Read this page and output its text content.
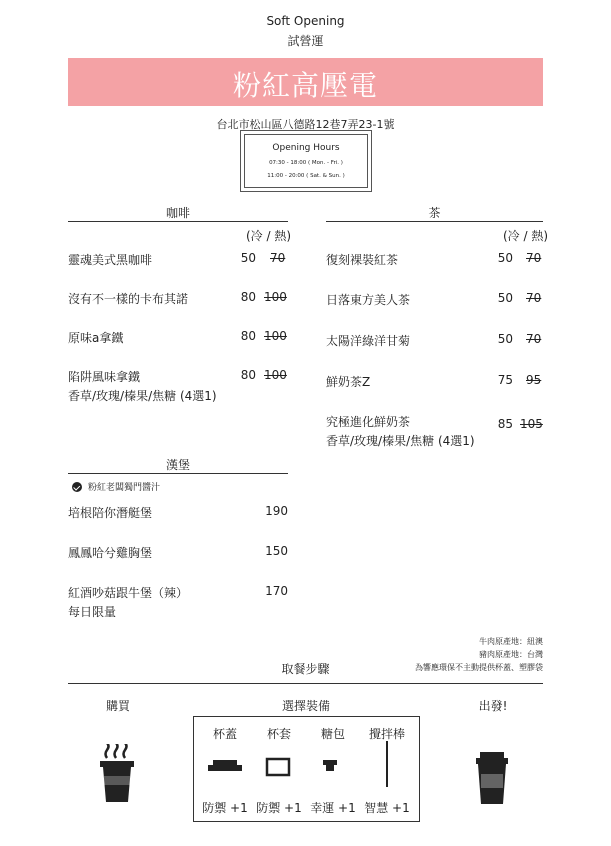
Soft Opening
試營運
粉紅高壓電
台北市松山區八德路12巷7弄23-1號
Opening Hours
07:30 - 18:00 ( Mon. - Fri. )
11:00 - 20:00 ( Sat. & Sun. )
咖啡
(冷 / 熱)
靈魂美式黑咖啡	50 70
沒有不一樣的卡布其諾	80 100
原味a拿鐵	80 100
陷阱風味拿鐵	80 100
香草/玫瑰/榛果/焦糖 (4選1)
茶
(冷 / 熱)
復刻裸裝紅茶	50 70
日落東方美人茶	50 70
太陽洋綠洋甘菊	50 70
鮮奶茶Z	75 95
究極進化鮮奶茶	85 105
香草/玫瑰/榛果/焦糖 (4選1)
漢堡
粉紅老闆獨門醬汁
培根陪你潛艇堡	190
鳳鳳哈兮雞胸堡	150
紅酒吵菇跟牛堡（辣）	170
每日限量
牛肉原產地：紐澳
豬肉原產地：台灣
為響應環保不主動提供杯蓋、塑膠袋
取餐步驟
購買	選擇裝備	出發!
杯蓋	杯套	糖包	攪拌棒
防禦 +1 防禦 +1 幸運 +1 智慧 +1
